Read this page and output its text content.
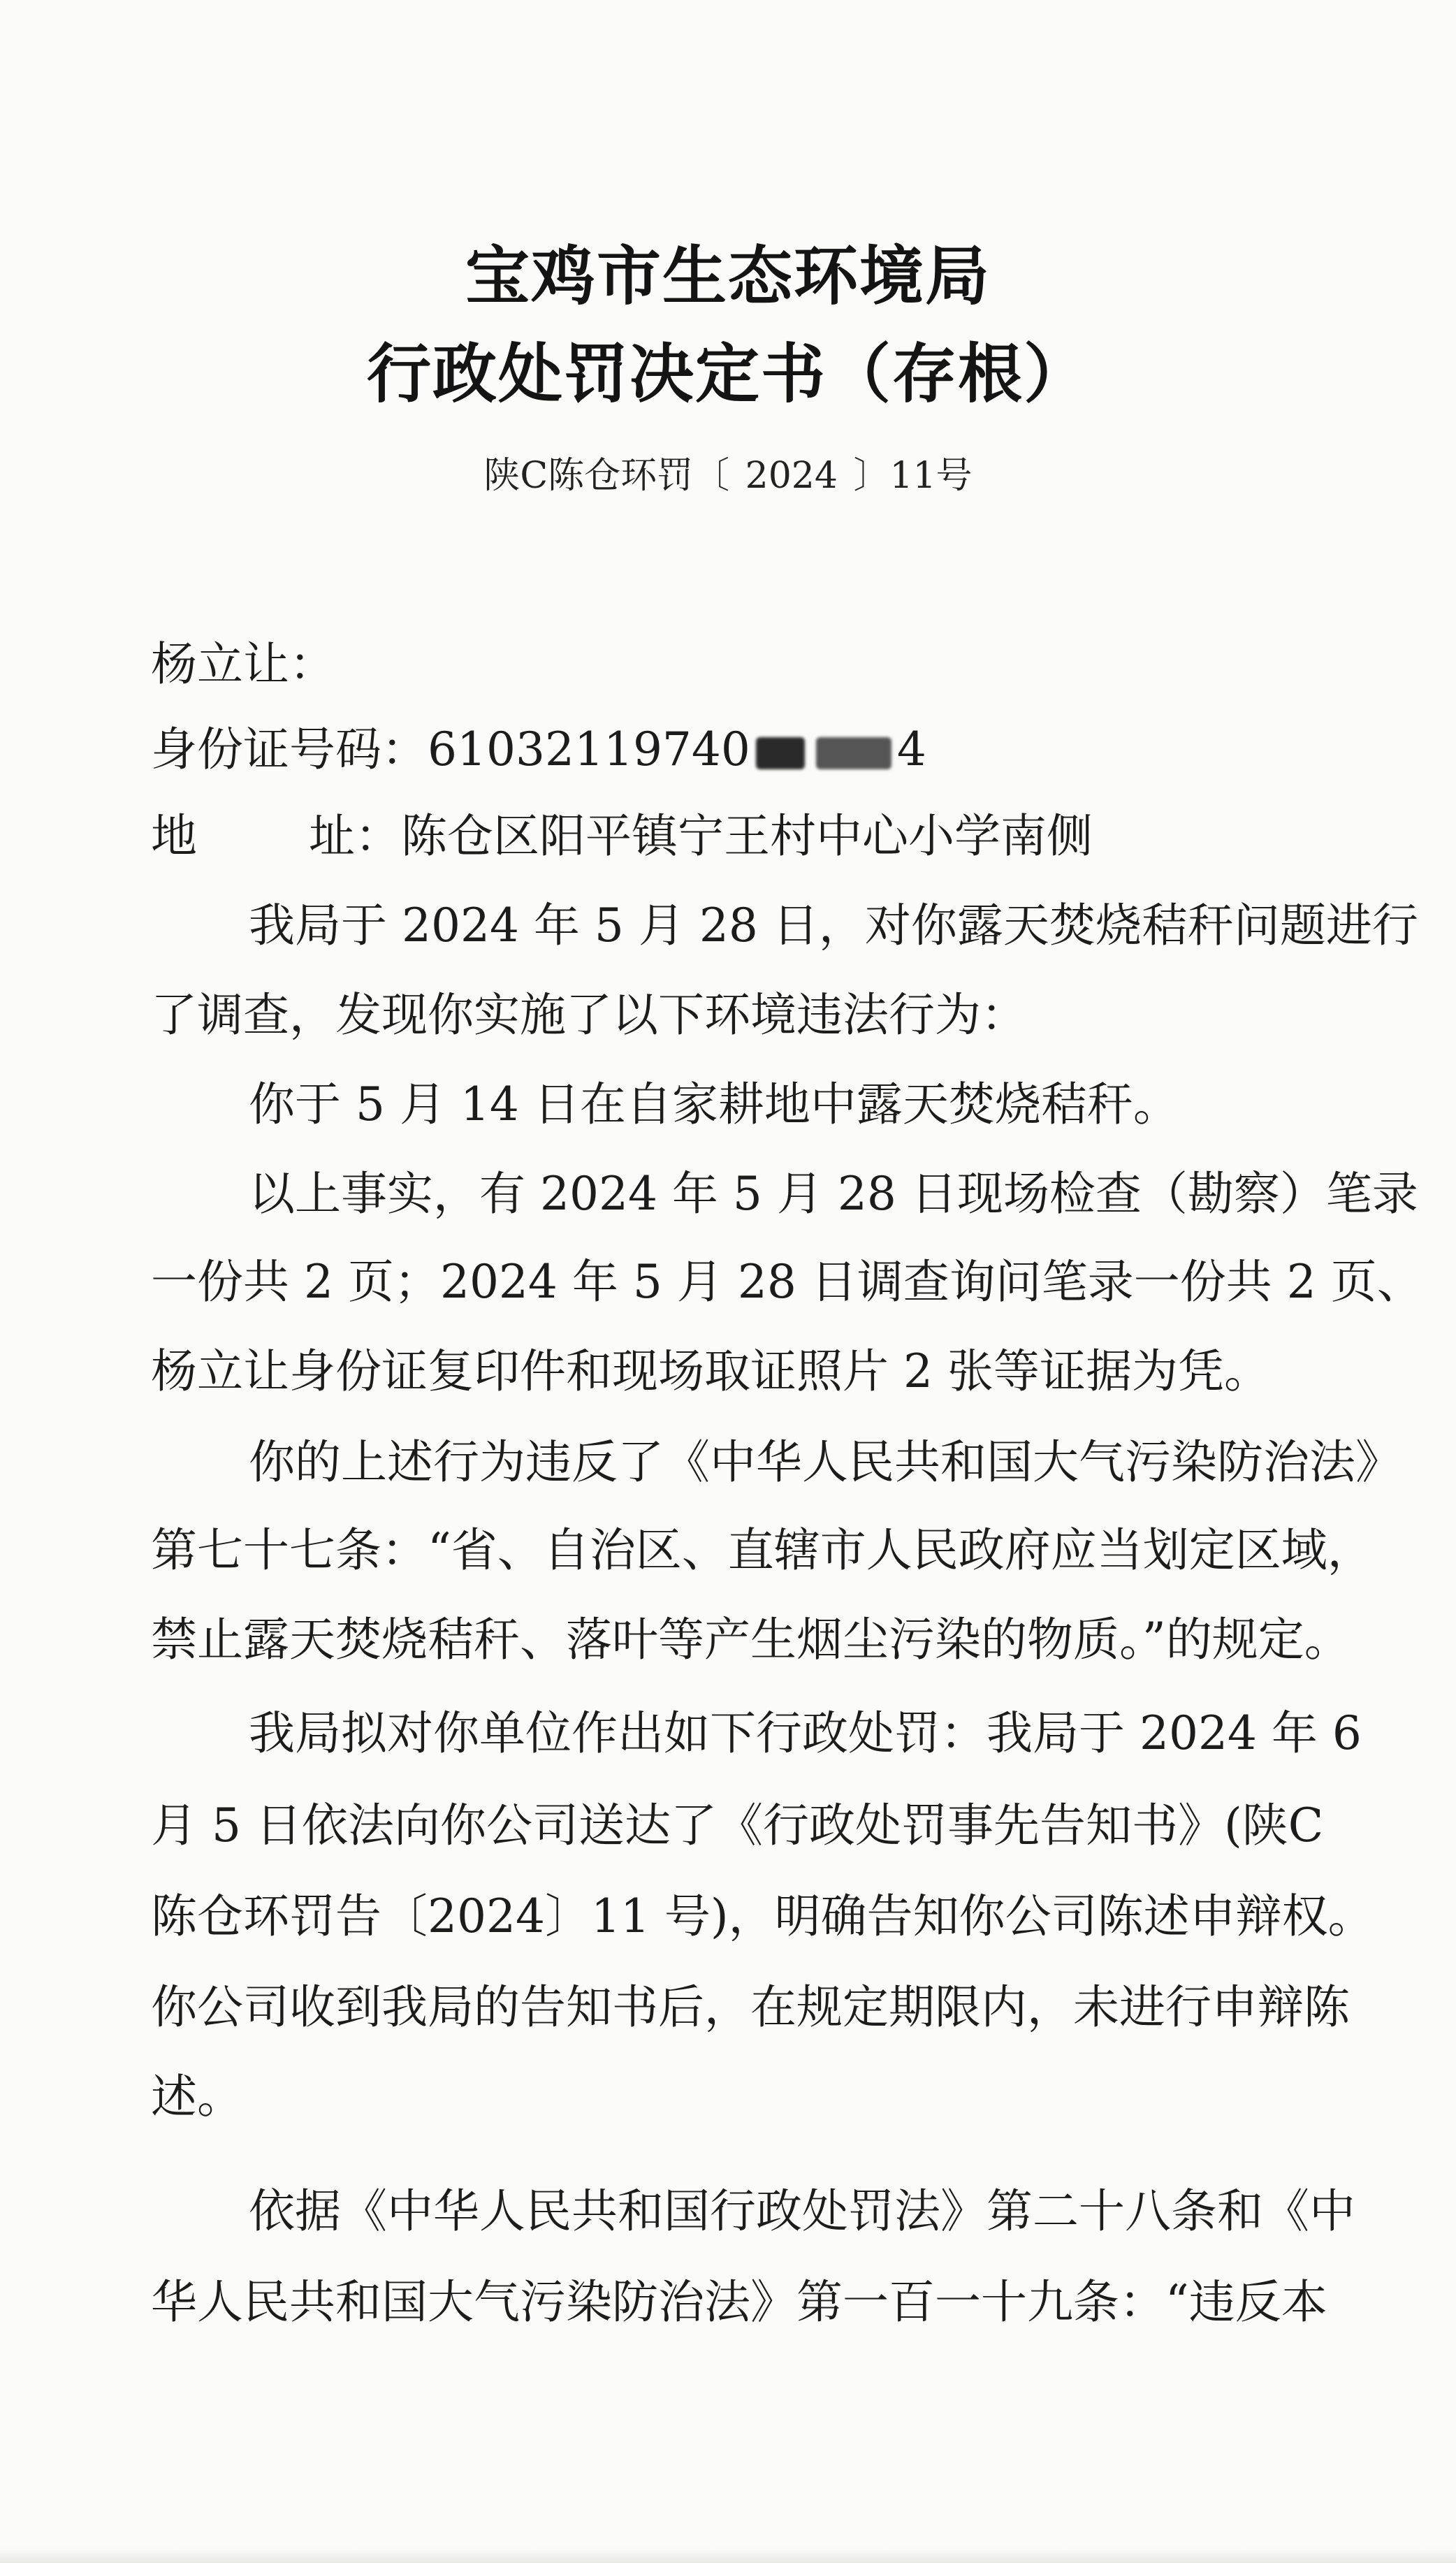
宝鸡市生态环境局
行政处罚决定书（存根）
陕C陈仓环罚〔 2024 〕11号
杨立让：
身份证号码：61032119740	4
地 址：陈仓区阳平镇宁王村中心小学南侧
我局于 2024 年 5 月 28 日，对你露天焚烧秸秆问题进行
了调查，发现你实施了以下环境违法行为：
你于 5 月 14 日在自家耕地中露天焚烧秸秆。
以上事实，有 2024 年 5 月 28 日现场检查（勘察）笔录
一份共 2 页；2024 年 5 月 28 日调查询问笔录一份共 2 页、
杨立让身份证复印件和现场取证照片 2 张等证据为凭。
你的上述行为违反了《中华人民共和国大气污染防治法》
第七十七条：“省、自治区、直辖市人民政府应当划定区域，
禁止露天焚烧秸秆、落叶等产生烟尘污染的物质。”的规定。
我局拟对你单位作出如下行政处罚：我局于 2024 年 6
月 5 日依法向你公司送达了《行政处罚事先告知书》(陕C
陈仓环罚告〔2024〕11 号)，明确告知你公司陈述申辩权。
你公司收到我局的告知书后，在规定期限内，未进行申辩陈
述。
依据《中华人民共和国行政处罚法》第二十八条和《中
华人民共和国大气污染防治法》第一百一十九条：“违反本
